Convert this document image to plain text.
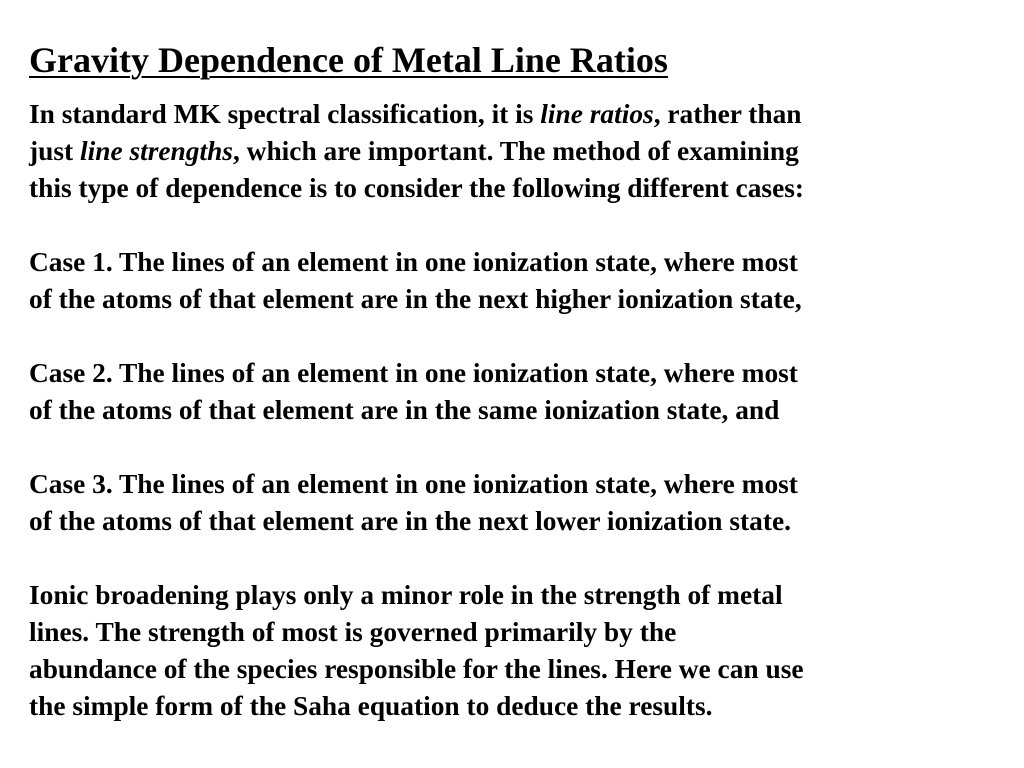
Gravity Dependence of Metal Line Ratios

In standard MK spectral classification, it is line ratios, rather than
just line strengths, which are important. The method of examining
this type of dependence is to consider the following different cases:

Case 1. The lines of an element in one ionization state, where most
of the atoms of that element are in the next higher ionization state,

Case 2. The lines of an element in one ionization state, where most
of the atoms of that element are in the same ionization state, and

Case 3. The lines of an element in one ionization state, where most
of the atoms of that element are in the next lower ionization state.

Ionic broadening plays only a minor role in the strength of metal
lines. The strength of most is governed primarily by the
abundance of the species responsible for the lines. Here we can use
the simple form of the Saha equation to deduce the results.
